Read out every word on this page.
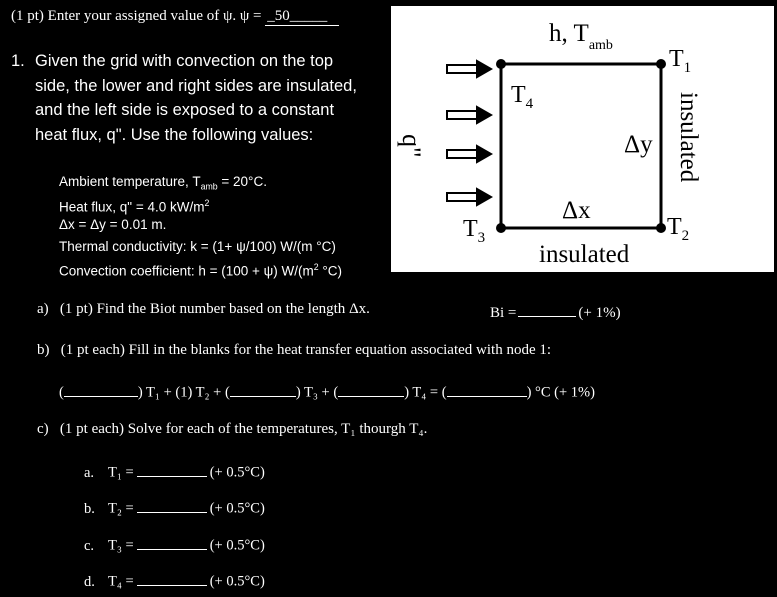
(1 pt) Enter your assigned value of ψ. ψ = _50_____
1. Given the grid with convection on the top
side, the lower and right sides are insulated,
and the left side is exposed to a constant
heat flux, q". Use the following values:
Ambient temperature, $T_{amb} = 20^\circ C$.
Heat flux, q" = 4.0 $kW/m^2$
Δx = Δy = 0.01 m.
Thermal conductivity: k = (1+ ψ/100) W/(m °C)
Convection coefficient: h = (100 + ψ) $W/(m^2$ °C)
h, $T_{amb}$
$T_1$
$T_4$
$T_2$
$T_3$
Δy
Δx
insulated
insulated
q"
a) (1 pt) Find the Biot number based on the length Δx.	Bi =	(+ 1%)
b) (1 pt each) Fill in the blanks for the heat transfer equation associated with node 1:
(	) T₁ + (1) T₂ + (	) T₃ + (	) T₄ = (	) °C (+ 1%)
c) (1 pt each) Solve for each of the temperatures, T₁ thourgh T₄.
a. T₁ =	(+ 0.5°C)
b. T₂ =	(+ 0.5°C)
c. T₃ =	(+ 0.5°C)
d. T₄ =	(+ 0.5°C)
